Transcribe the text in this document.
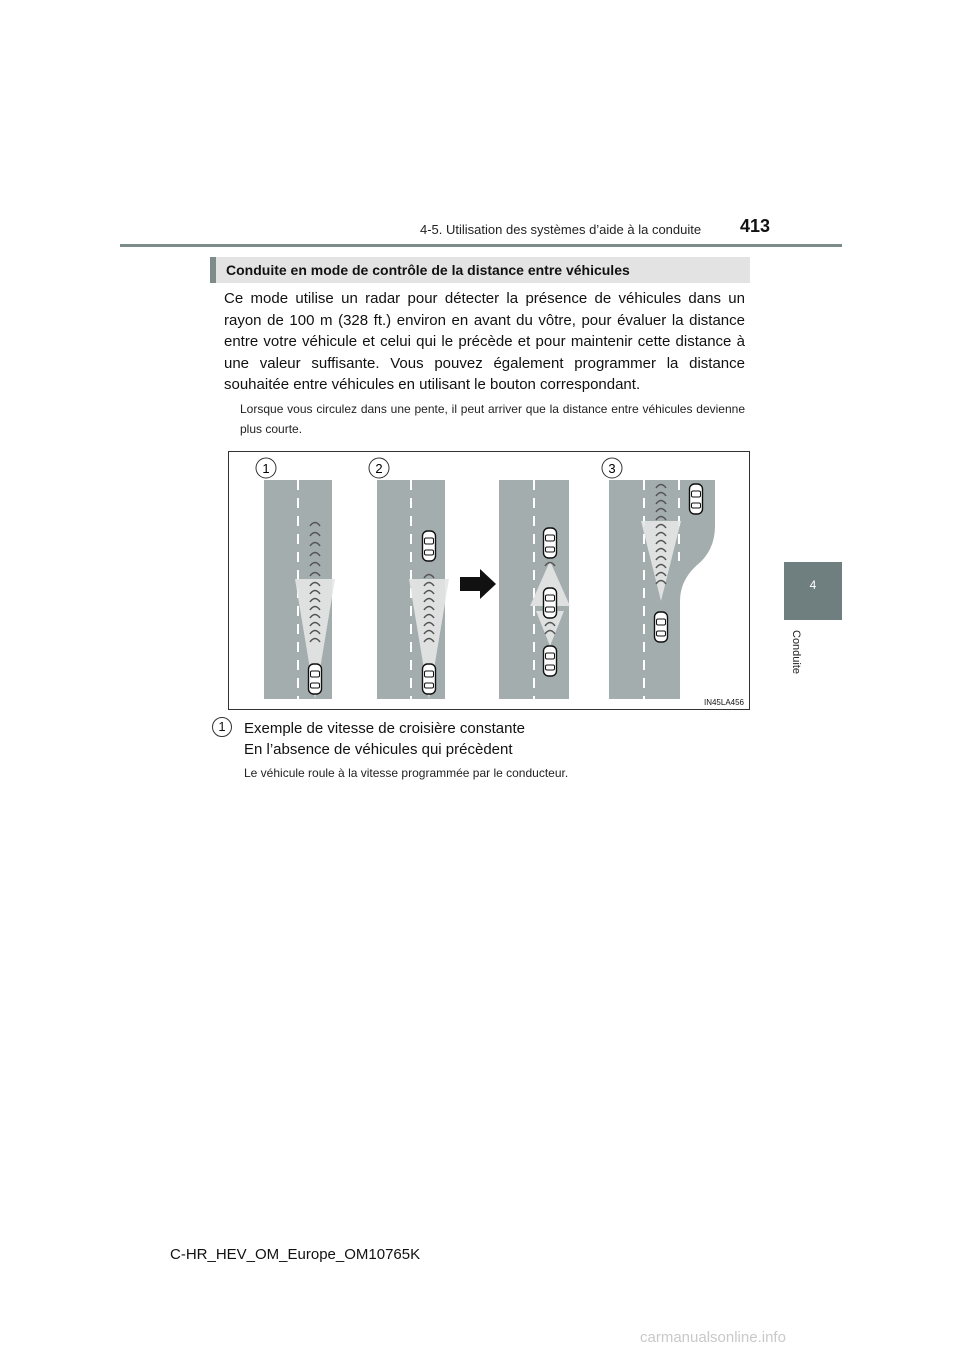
4-5. Utilisation des systèmes d’aide à la conduite 413
4
Conduite
Conduite en mode de contrôle de la distance entre véhicules
Ce mode utilise un radar pour détecter la présence de véhicules dans un rayon de 100 m (328 ft.) environ en avant du vôtre, pour évaluer la distance entre votre véhicule et celui qui le précède et pour maintenir cette distance à une valeur suffisante. Vous pouvez également programmer la distance souhaitée entre véhicules en utilisant le bouton correspondant.
Lorsque vous circulez dans une pente, il peut arriver que la distance entre véhicules devienne plus courte.
1	2	3
IN45LA456
1	Exemple de vitesse de croisière constante
En l’absence de véhicules qui précèdent
Le véhicule roule à la vitesse programmée par le conducteur.
C-HR_HEV_OM_Europe_OM10765K
carmanualsonline.info
